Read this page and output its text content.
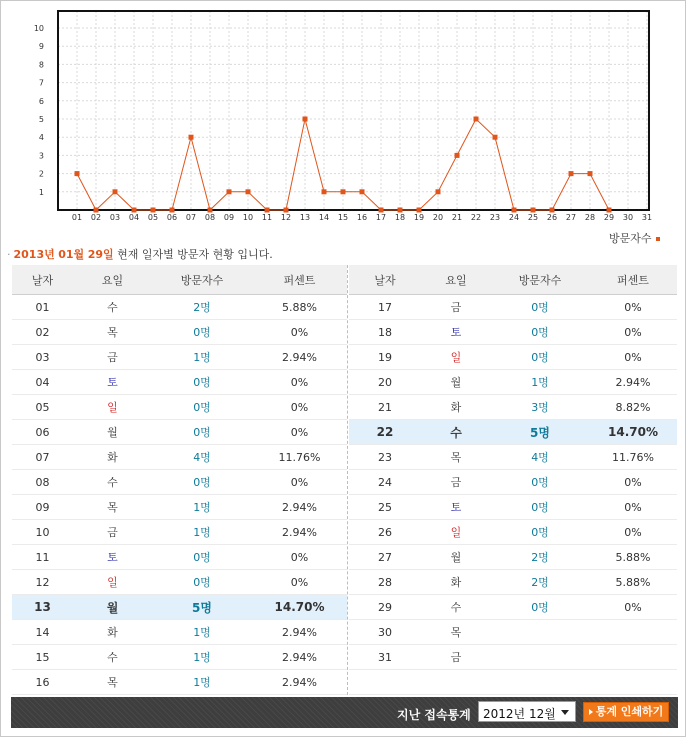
1
2
3
4
5
6
7
8
9
10
01 02 03 04 05 06 07 08 09 10 11 12 13 14 15 16 17 18 19 20 21 22 23 24 25 26 27 28 29 30 31
방문자수
· 2013년 01월 29일 현재 일자별 방문자 현황 입니다.
날자	요일	방문자수	퍼센트
01	수	2명	5.88%
02	목	0명	0%
03	금	1명	2.94%
04	토	0명	0%
05	일	0명	0%
06	월	0명	0%
07	화	4명	11.76%
08	수	0명	0%
09	목	1명	2.94%
10	금	1명	2.94%
11	토	0명	0%
12	일	0명	0%
13	월	5명	14.70%
14	화	1명	2.94%
15	수	1명	2.94%
16	목	1명	2.94%
날자	요일	방문자수	퍼센트
17	금	0명	0%
18	토	0명	0%
19	일	0명	0%
20	월	1명	2.94%
21	화	3명	8.82%
22	수	5명	14.70%
23	목	4명	11.76%
24	금	0명	0%
25	토	0명	0%
26	일	0명	0%
27	월	2명	5.88%
28	화	2명	5.88%
29	수	0명	0%
30	목		
31	금		

지난 접속통계 2012년 12월	통계 인쇄하기
